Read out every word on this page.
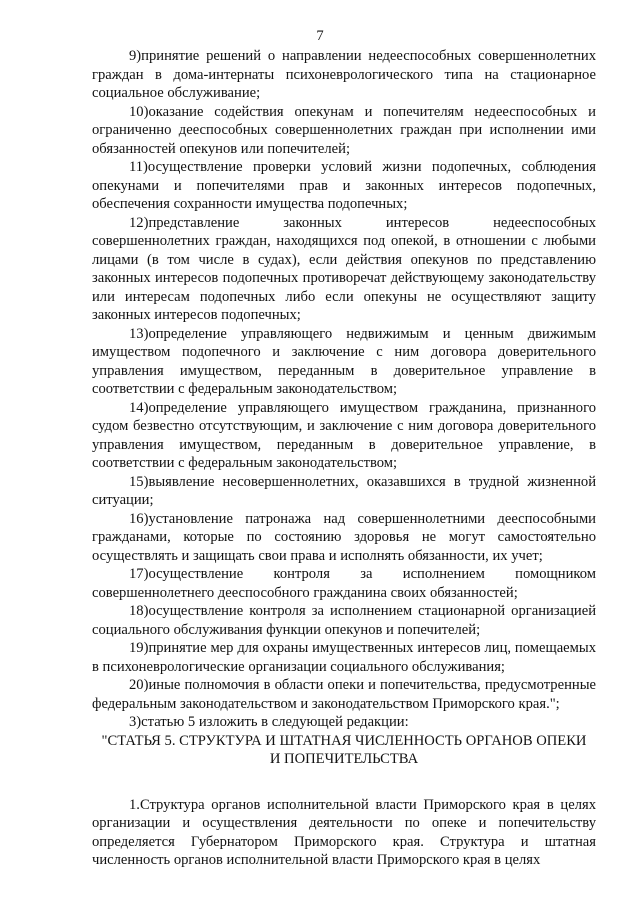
7

9)принятие решений о направлении недееспособных совершеннолетних граждан в дома-интернаты психоневрологического типа на стационарное социальное обслуживание;

10)оказание содействия опекунам и попечителям недееспособных и ограниченно дееспособных совершеннолетних граждан при исполнении ими обязанностей опекунов или попечителей;

11)осуществление проверки условий жизни подопечных, соблюдения опекунами и попечителями прав и законных интересов подопечных, обеспечения сохранности имущества подопечных;

12)представление законных интересов недееспособных совершеннолетних граждан, находящихся под опекой, в отношении с любыми лицами (в том числе в судах), если действия опекунов по представлению законных интересов подопечных противоречат действующему законодательству или интересам подопечных либо если опекуны не осуществляют защиту законных интересов подопечных;

13)определение управляющего недвижимым и ценным движимым имуществом подопечного и заключение с ним договора доверительного управления имуществом, переданным в доверительное управление в соответствии с федеральным законодательством;

14)определение управляющего имуществом гражданина, признанного судом безвестно отсутствующим, и заключение с ним договора доверительного управления имуществом, переданным в доверительное управление, в соответствии с федеральным законодательством;

15)выявление несовершеннолетних, оказавшихся в трудной жизненной ситуации;

16)установление патронажа над совершеннолетними дееспособными гражданами, которые по состоянию здоровья не могут самостоятельно осуществлять и защищать свои права и исполнять обязанности, их учет;

17)осуществление контроля за исполнением помощником совершеннолетнего дееспособного гражданина своих обязанностей;

18)осуществление контроля за исполнением стационарной организацией социального обслуживания функции опекунов и попечителей;

19)принятие мер для охраны имущественных интересов лиц, помещаемых в психоневрологические организации социального обслуживания;

20)иные полномочия в области опеки и попечительства, предусмотренные федеральным законодательством и законодательством Приморского края.";

3)статью 5 изложить в следующей редакции:

"СТАТЬЯ 5. СТРУКТУРА И ШТАТНАЯ ЧИСЛЕННОСТЬ ОРГАНОВ ОПЕКИ И ПОПЕЧИТЕЛЬСТВА

1.Структура органов исполнительной власти Приморского края в целях организации и осуществления деятельности по опеке и попечительству определяется Губернатором Приморского края. Структура и штатная численность органов исполнительной власти Приморского края в целях
